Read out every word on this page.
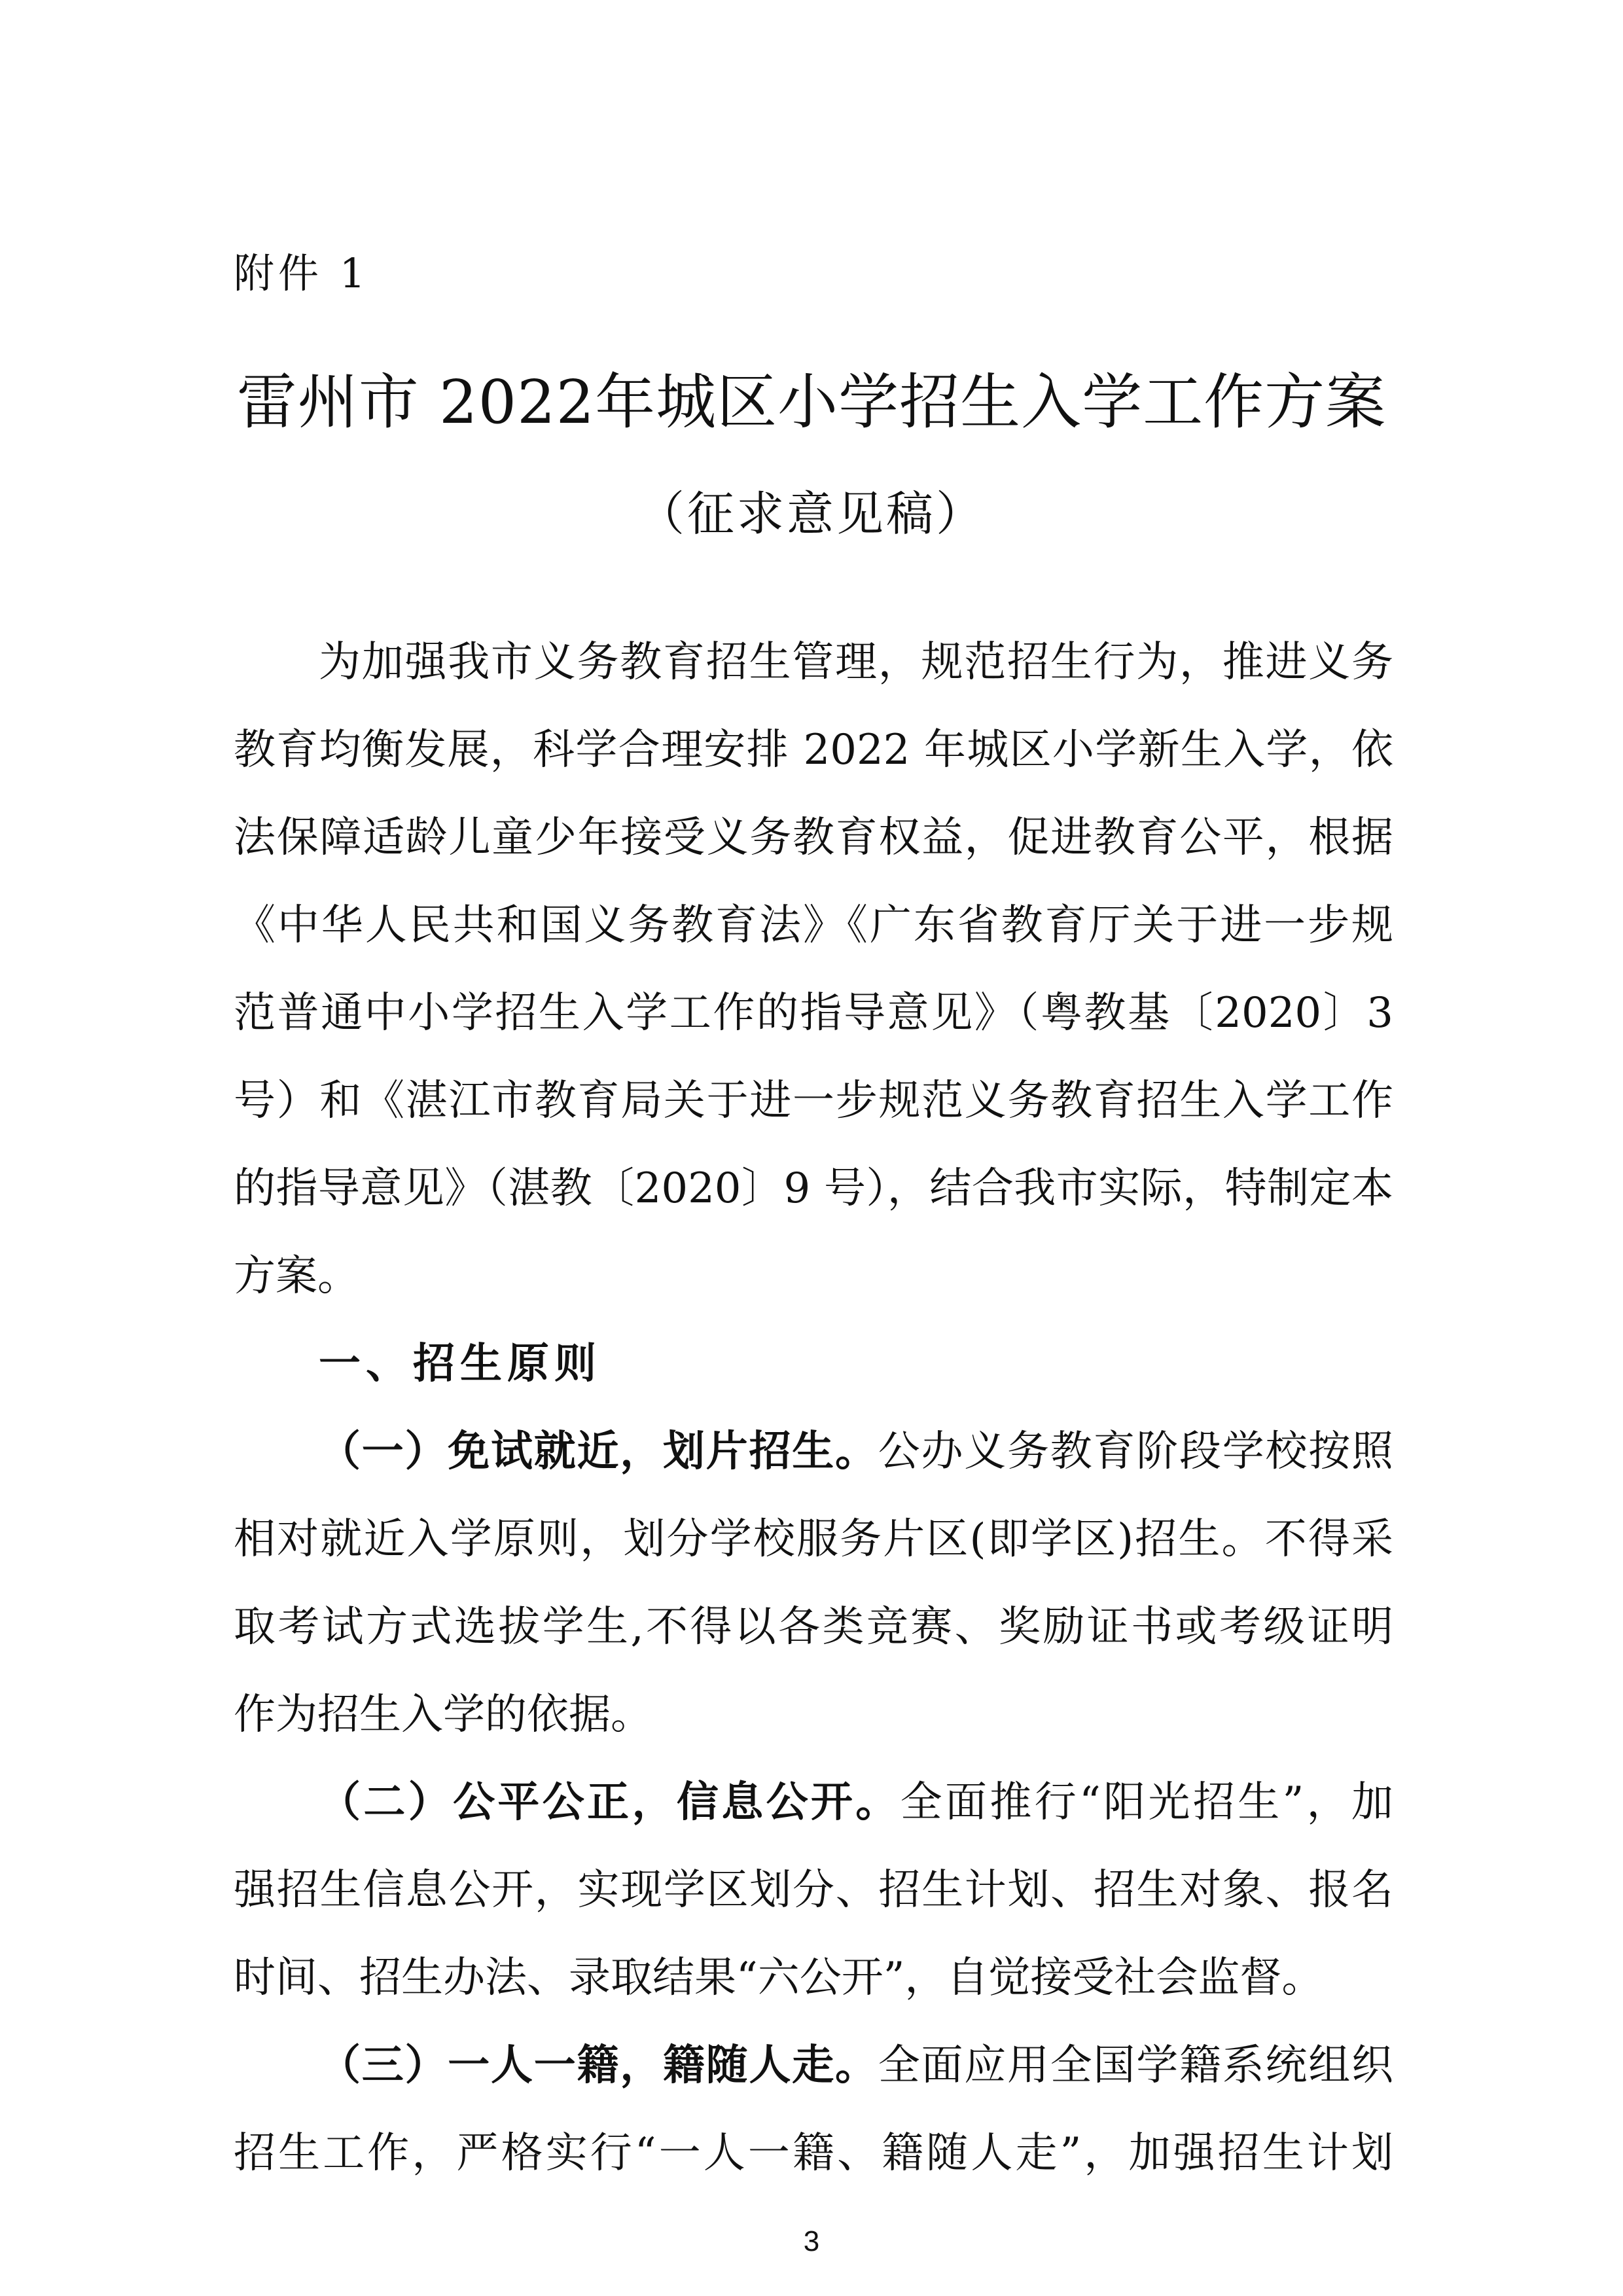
附件 1
雷州市 2022年城区小学招生入学工作方案
（征求意见稿）
为加强我市义务教育招生管理，规范招生行为，推进义务
教育均衡发展，科学合理安排 2022 年城区小学新生入学，依
法保障适龄儿童少年接受义务教育权益，促进教育公平，根据
《中华人民共和国义务教育法》《广东省教育厅关于进一步规
范普通中小学招生入学工作的指导意见》（粤教基〔2020〕3
号）和《湛江市教育局关于进一步规范义务教育招生入学工作
的指导意见》（湛教〔2020〕9 号），结合我市实际，特制定本
方案。
一、招生原则
（一）免试就近，划片招生。公办义务教育阶段学校按照
相对就近入学原则，划分学校服务片区(即学区)招生。不得采
取考试方式选拔学生,不得以各类竞赛、奖励证书或考级证明
作为招生入学的依据。
（二）公平公正，信息公开。全面推行“阳光招生”，加
强招生信息公开，实现学区划分、招生计划、招生对象、报名
时间、招生办法、录取结果“六公开”，自觉接受社会监督。
（三）一人一籍，籍随人走。全面应用全国学籍系统组织
招生工作，严格实行“一人一籍、籍随人走”，加强招生计划
3
